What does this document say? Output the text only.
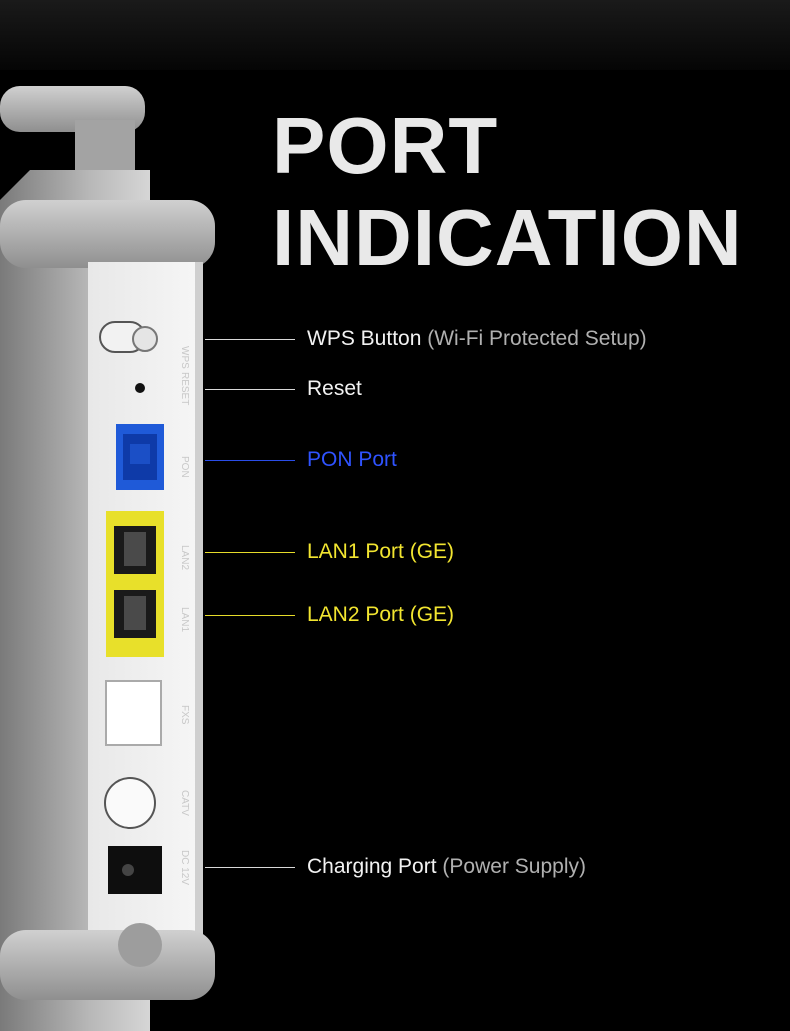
PORT
INDICATION
WPS
RESET
PON
LAN2
LAN1
FXS
CATV
DC 12V
WPS Button (Wi-Fi Protected Setup)
Reset
PON Port
LAN1 Port (GE)
LAN2 Port (GE)
Charging Port (Power Supply)
